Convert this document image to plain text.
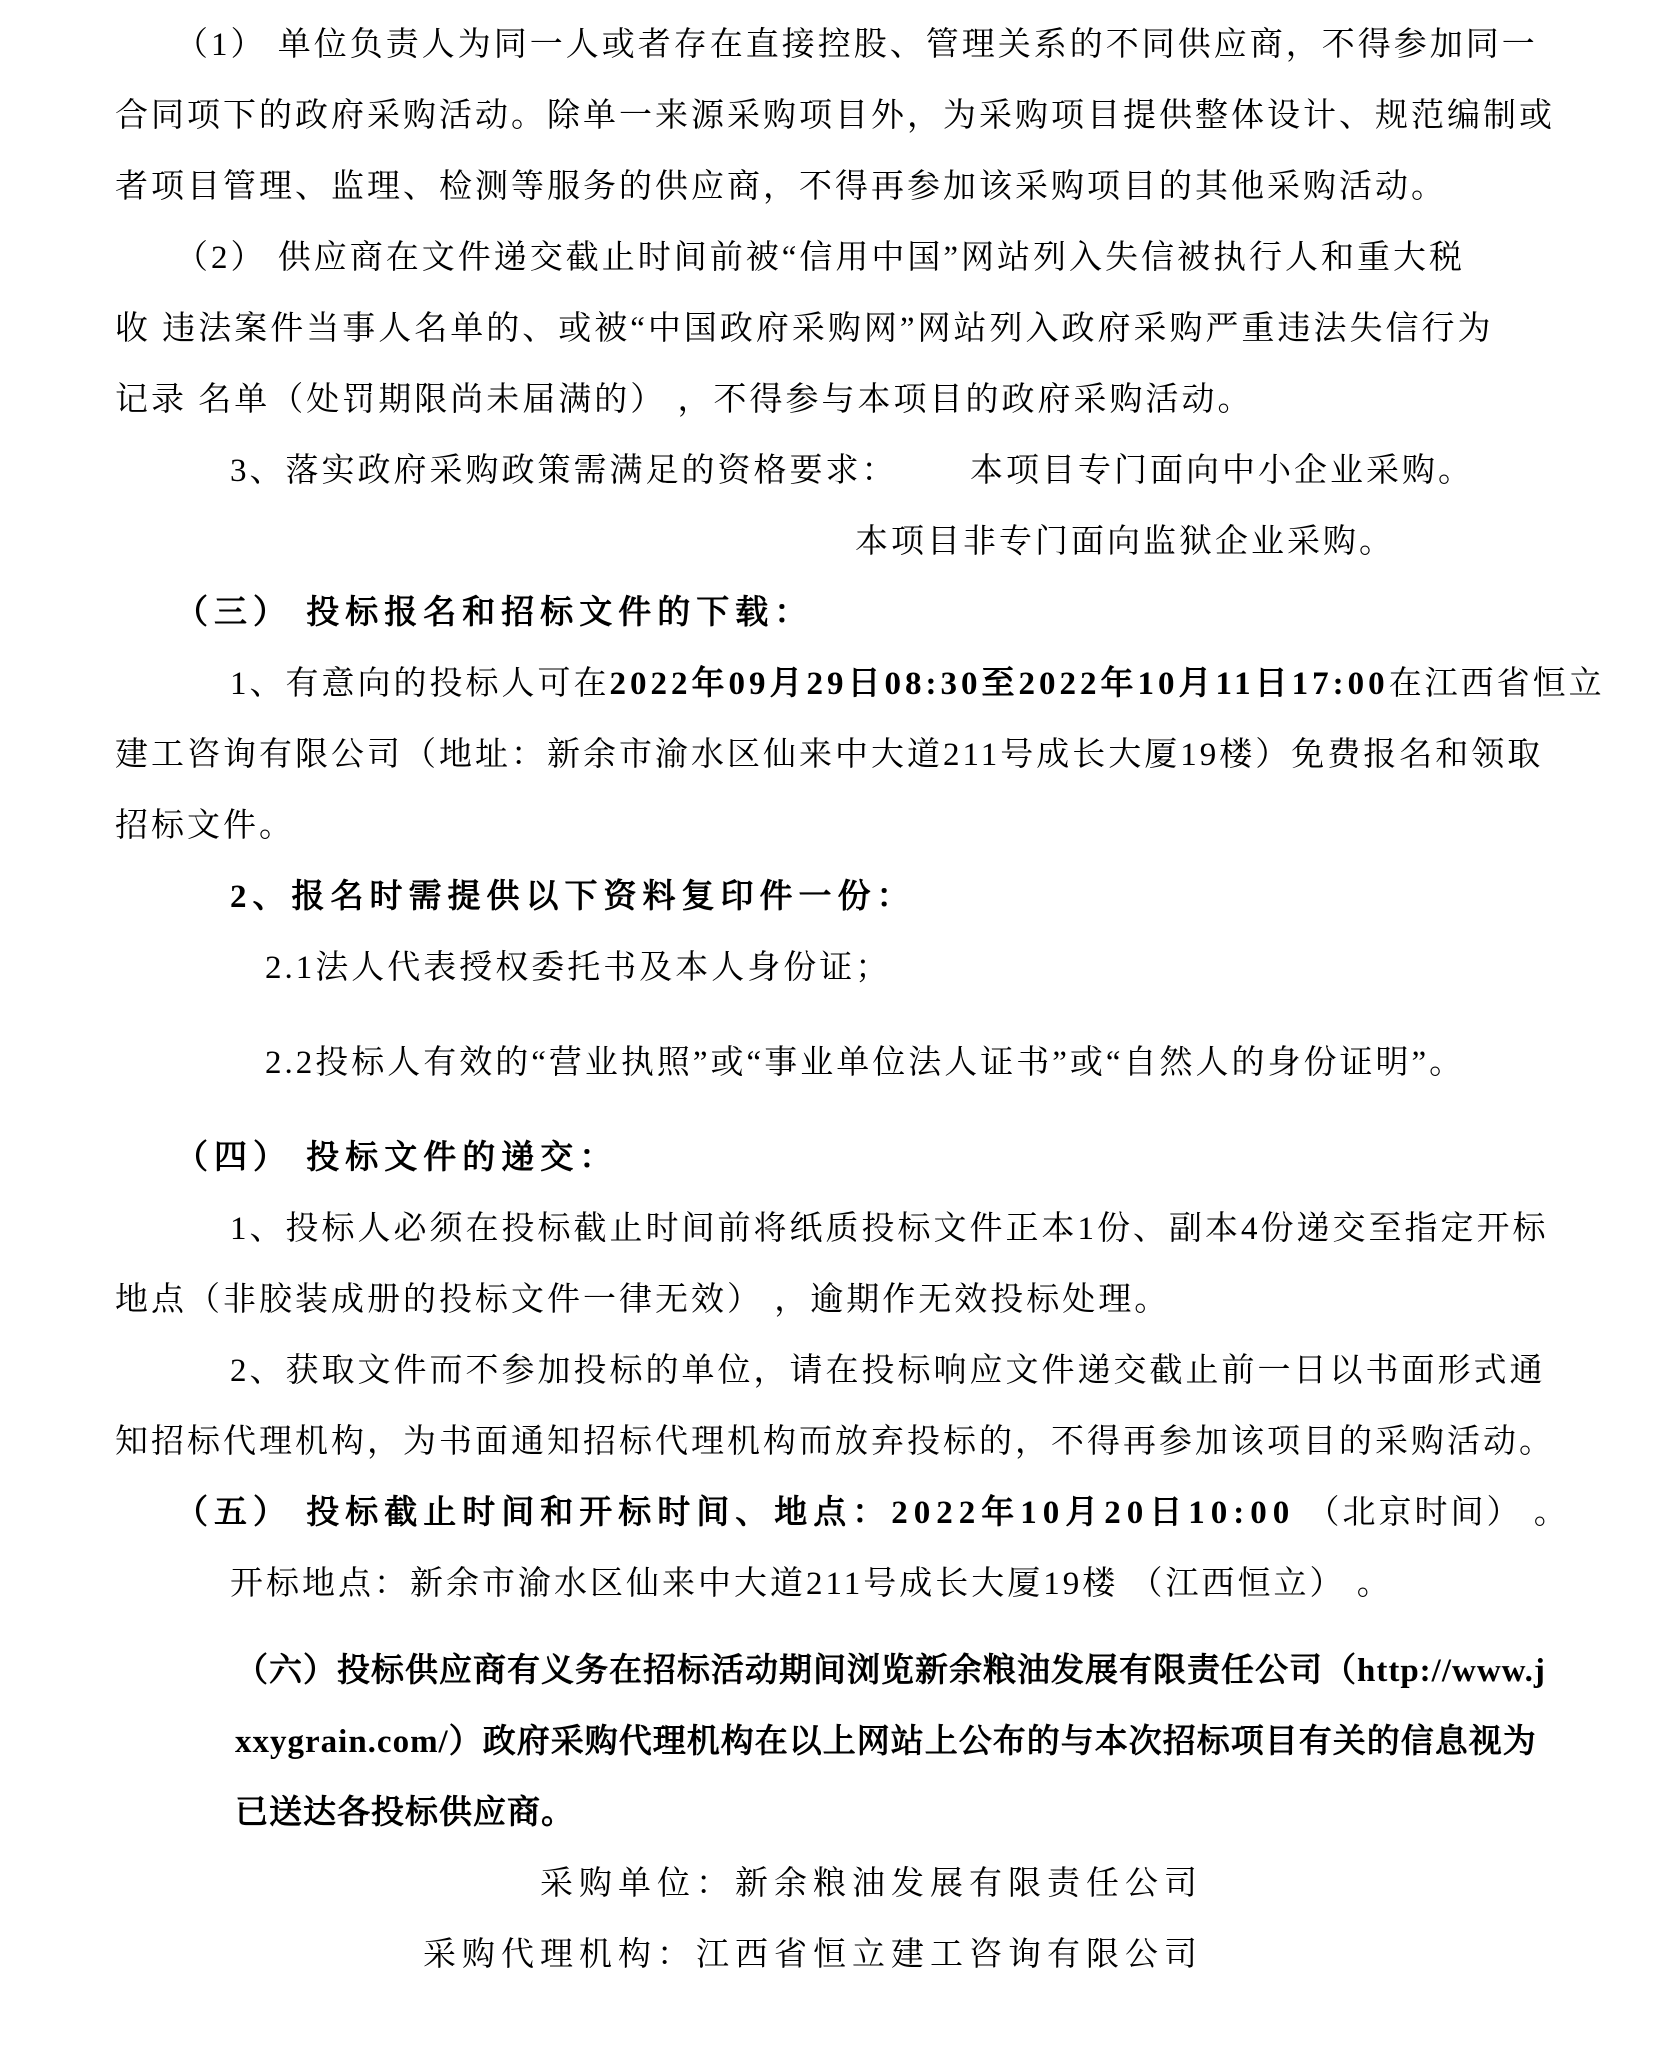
（1） 单位负责人为同一人或者存在直接控股、管理关系的不同供应商，不得参加同一
合同项下的政府采购活动。除单一来源采购项目外，为采购项目提供整体设计、规范编制或
者项目管理、监理、检测等服务的供应商，不得再参加该采购项目的其他采购活动。
（2） 供应商在文件递交截止时间前被“信用中国”网站列入失信被执行人和重大税
收 违法案件当事人名单的、或被“中国政府采购网”网站列入政府采购严重违法失信行为
记录 名单（处罚期限尚未届满的） ，不得参与本项目的政府采购活动。
3、落实政府采购政策需满足的资格要求： 本项目专门面向中小企业采购。
本项目非专门面向监狱企业采购。
（三） 投标报名和招标文件的下载：
1、有意向的投标人可在2022年09月29日08:30至2022年10月11日17:00在江西省恒立
建工咨询有限公司（地址：新余市渝水区仙来中大道211号成长大厦19楼）免费报名和领取
招标文件。
2、报名时需提供以下资料复印件一份：
2.1法人代表授权委托书及本人身份证；
2.2投标人有效的“营业执照”或“事业单位法人证书”或“自然人的身份证明”。
（四） 投标文件的递交：
1、投标人必须在投标截止时间前将纸质投标文件正本1份、副本4份递交至指定开标
地点（非胶装成册的投标文件一律无效） ，逾期作无效投标处理。
2、获取文件而不参加投标的单位，请在投标响应文件递交截止前一日以书面形式通
知招标代理机构，为书面通知招标代理机构而放弃投标的，不得再参加该项目的采购活动。
（五） 投标截止时间和开标时间、地点：2022年10月20日10:00 （北京时间） 。
开标地点：新余市渝水区仙来中大道211号成长大厦19楼 （江西恒立） 。
（六）投标供应商有义务在招标活动期间浏览新余粮油发展有限责任公司（http://www.j
xxygrain.com/）政府采购代理机构在以上网站上公布的与本次招标项目有关的信息视为
已送达各投标供应商。
采购单位：新余粮油发展有限责任公司
采购代理机构：江西省恒立建工咨询有限公司
